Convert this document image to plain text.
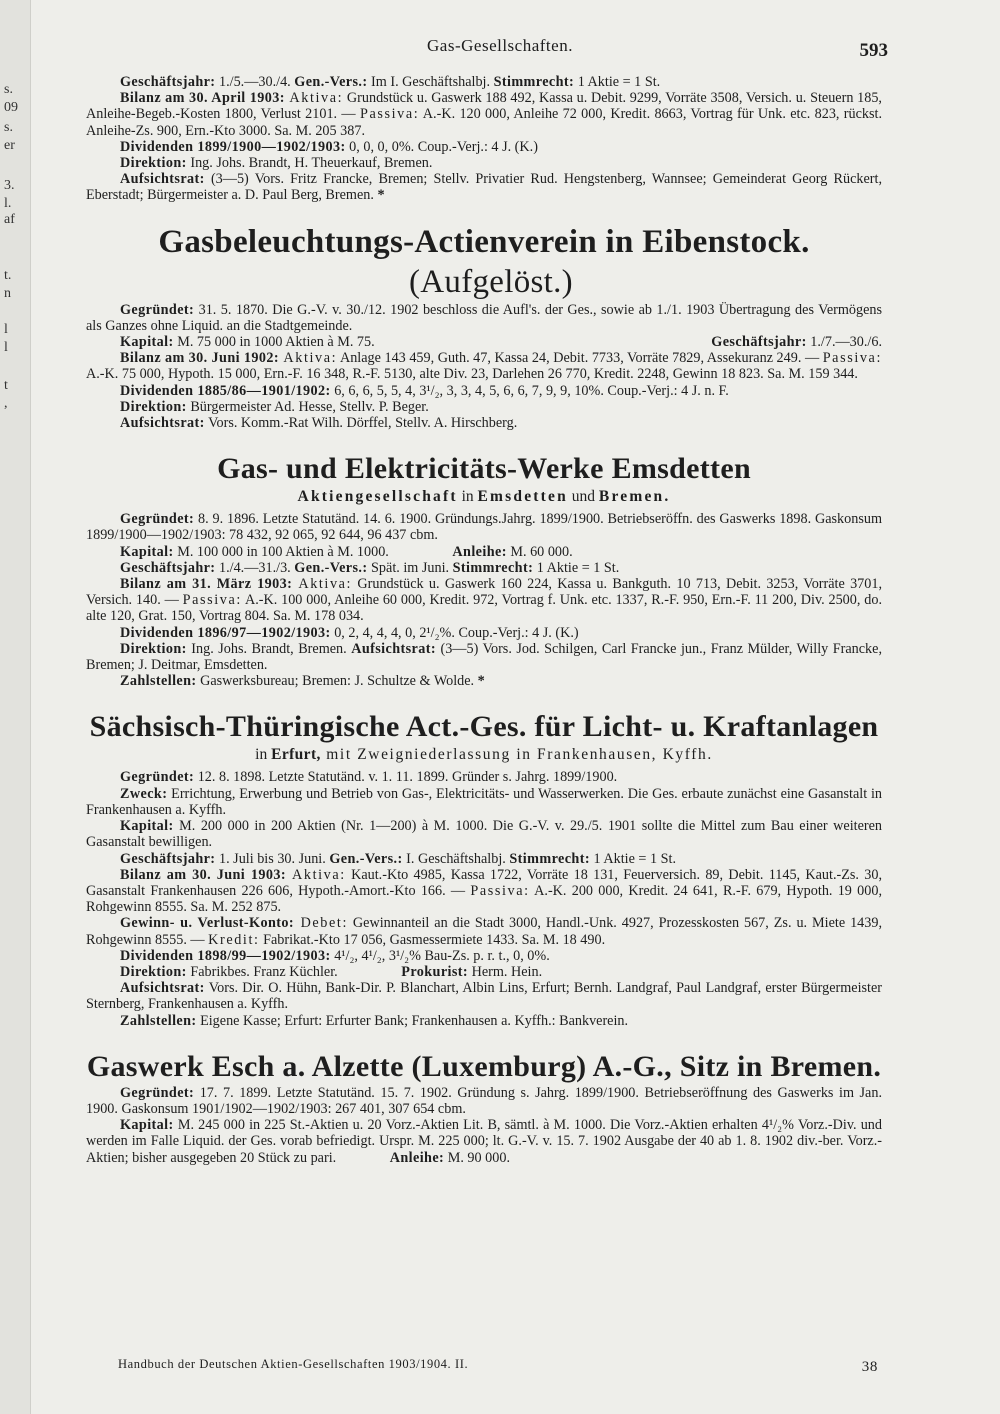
s.
09
s.
er
3.
l.
af
t.
n
l
l
t
,
Gas-Gesellschaften.	593

Geschäftsjahr: 1./5.—30./4. Gen.-Vers.: Im I. Geschäftshalbj. Stimmrecht: 1 Aktie = 1 St.

Bilanz am 30. April 1903: Aktiva: Grundstück u. Gaswerk 188 492, Kassa u. Debit. 9299, Vorräte 3508, Versich. u. Steuern 185, Anleihe-Begeb.-Kosten 1800, Verlust 2101. — Passiva: A.-K. 120 000, Anleihe 72 000, Kredit. 8663, Vortrag für Unk. etc. 823, rückst. Anleihe-Zs. 900, Ern.-Kto 3000. Sa. M. 205 387.

Dividenden 1899/1900—1902/1903: 0, 0, 0, 0%. Coup.-Verj.: 4 J. (K.)

Direktion: Ing. Johs. Brandt, H. Theuerkauf, Bremen.

Aufsichtsrat: (3—5) Vors. Fritz Francke, Bremen; Stellv. Privatier Rud. Hengstenberg, Wannsee; Gemeinderat Georg Rückert, Eberstadt; Bürgermeister a. D. Paul Berg, Bremen. *

Gasbeleuchtungs-Actienverein in Eibenstock. (Aufgelöst.)

Gegründet: 31. 5. 1870. Die G.-V. v. 30./12. 1902 beschloss die Aufl's. der Ges., sowie ab 1./1. 1903 Übertragung des Vermögens als Ganzes ohne Liquid. an die Stadtgemeinde.

Kapital: M. 75 000 in 1000 Aktien à M. 75.	Geschäftsjahr: 1./7.—30./6.

Bilanz am 30. Juni 1902: Aktiva: Anlage 143 459, Guth. 47, Kassa 24, Debit. 7733, Vorräte 7829, Assekuranz 249. — Passiva: A.-K. 75 000, Hypoth. 15 000, Ern.-F. 16 348, R.-F. 5130, alte Div. 23, Darlehen 26 770, Kredit. 2248, Gewinn 18 823. Sa. M. 159 344.

Dividenden 1885/86—1901/1902: 6, 6, 6, 5, 5, 4, 3¹/₂, 3, 3, 4, 5, 6, 6, 7, 9, 9, 10%. Coup.-Verj.: 4 J. n. F.

Direktion: Bürgermeister Ad. Hesse, Stellv. P. Beger.

Aufsichtsrat: Vors. Komm.-Rat Wilh. Dörffel, Stellv. A. Hirschberg.

Gas- und Elektricitäts-Werke Emsdetten
Aktiengesellschaft in Emsdetten und Bremen.

Gegründet: 8. 9. 1896. Letzte Statutänd. 14. 6. 1900. Gründungs.Jahrg. 1899/1900. Betriebseröffn. des Gaswerks 1898. Gaskonsum 1899/1900—1902/1903: 78 432, 92 065, 92 644, 96 437 cbm.

Kapital: M. 100 000 in 100 Aktien à M. 1000.	Anleihe: M. 60 000.

Geschäftsjahr: 1./4.—31./3. Gen.-Vers.: Spät. im Juni. Stimmrecht: 1 Aktie = 1 St.

Bilanz am 31. März 1903: Aktiva: Grundstück u. Gaswerk 160 224, Kassa u. Bankguth. 10 713, Debit. 3253, Vorräte 3701, Versich. 140. — Passiva: A.-K. 100 000, Anleihe 60 000, Kredit. 972, Vortrag f. Unk. etc. 1337, R.-F. 950, Ern.-F. 11 200, Div. 2500, do. alte 120, Grat. 150, Vortrag 804. Sa. M. 178 034.

Dividenden 1896/97—1902/1903: 0, 2, 4, 4, 4, 0, 2¹/₂%. Coup.-Verj.: 4 J. (K.)

Direktion: Ing. Johs. Brandt, Bremen. Aufsichtsrat: (3—5) Vors. Jod. Schilgen, Carl Francke jun., Franz Mülder, Willy Francke, Bremen; J. Deitmar, Emsdetten.

Zahlstellen: Gaswerksbureau; Bremen: J. Schultze & Wolde. *

Sächsisch-Thüringische Act.-Ges. für Licht- u. Kraftanlagen
in Erfurt, mit Zweigniederlassung in Frankenhausen, Kyffh.

Gegründet: 12. 8. 1898. Letzte Statutänd. v. 1. 11. 1899. Gründer s. Jahrg. 1899/1900.

Zweck: Errichtung, Erwerbung und Betrieb von Gas-, Elektricitäts- und Wasserwerken. Die Ges. erbaute zunächst eine Gasanstalt in Frankenhausen a. Kyffh.

Kapital: M. 200 000 in 200 Aktien (Nr. 1—200) à M. 1000. Die G.-V. v. 29./5. 1901 sollte die Mittel zum Bau einer weiteren Gasanstalt bewilligen.

Geschäftsjahr: 1. Juli bis 30. Juni. Gen.-Vers.: I. Geschäftshalbj. Stimmrecht: 1 Aktie = 1 St.

Bilanz am 30. Juni 1903: Aktiva: Kaut.-Kto 4985, Kassa 1722, Vorräte 18 131, Feuerversich. 89, Debit. 1145, Kaut.-Zs. 30, Gasanstalt Frankenhausen 226 606, Hypoth.-Amort.-Kto 166. — Passiva: A.-K. 200 000, Kredit. 24 641, R.-F. 679, Hypoth. 19 000, Rohgewinn 8555. Sa. M. 252 875.

Gewinn- u. Verlust-Konto: Debet: Gewinnanteil an die Stadt 3000, Handl.-Unk. 4927, Prozesskosten 567, Zs. u. Miete 1439, Rohgewinn 8555. — Kredit: Fabrikat.-Kto 17 056, Gasmessermiete 1433. Sa. M. 18 490.

Dividenden 1898/99—1902/1903: 4¹/₂, 4¹/₂, 3¹/₂% Bau-Zs. p. r. t., 0, 0%.

Direktion: Fabrikbes. Franz Küchler.	Prokurist: Herm. Hein.

Aufsichtsrat: Vors. Dir. O. Hühn, Bank-Dir. P. Blanchart, Albin Lins, Erfurt; Bernh. Landgraf, Paul Landgraf, erster Bürgermeister Sternberg, Frankenhausen a. Kyffh.

Zahlstellen: Eigene Kasse; Erfurt: Erfurter Bank; Frankenhausen a. Kyffh.: Bankverein.

Gaswerk Esch a. Alzette (Luxemburg) A.-G., Sitz in Bremen.

Gegründet: 17. 7. 1899. Letzte Statutänd. 15. 7. 1902. Gründung s. Jahrg. 1899/1900. Betriebseröffnung des Gaswerks im Jan. 1900. Gaskonsum 1901/1902—1902/1903: 267 401, 307 654 cbm.

Kapital: M. 245 000 in 225 St.-Aktien u. 20 Vorz.-Aktien Lit. B, sämtl. à M. 1000. Die Vorz.-Aktien erhalten 4¹/₂% Vorz.-Div. und werden im Falle Liquid. der Ges. vorab befriedigt. Urspr. M. 225 000; lt. G.-V. v. 15. 7. 1902 Ausgabe der 40 ab 1. 8. 1902 div.-ber. Vorz.-Aktien; bisher ausgegeben 20 Stück zu pari.	Anleihe: M. 90 000.

Handbuch der Deutschen Aktien-Gesellschaften 1903/1904. II.	38
